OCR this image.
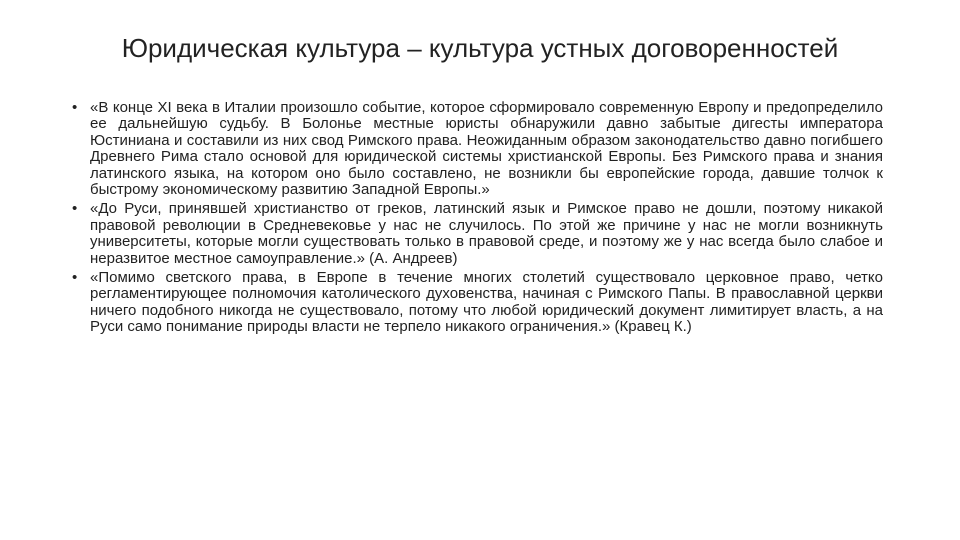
Юридическая культура – культура устных договоренностей
• «В конце XI века в Италии произошло событие, которое сформировало современную Европу и предопределило ее дальнейшую судьбу. В Болонье местные юристы обнаружили давно забытые дигесты императора Юстиниана и составили из них свод Римского права. Неожиданным образом законодательство давно погибшего Древнего Рима стало основой для юридической системы христианской Европы. Без Римского права и знания латинского языка, на котором оно было составлено, не возникли бы европейские города, давшие толчок к быстрому экономическому развитию Западной Европы.»
• «До Руси, принявшей христианство от греков, латинский язык и Римское право не дошли, поэтому никакой правовой революции в Средневековье у нас не случилось. По этой же причине у нас не могли возникнуть университеты, которые могли существовать только в правовой среде, и поэтому же у нас всегда было слабое и неразвитое местное самоуправление.» (А. Андреев)
• «Помимо светского права, в Европе в течение многих столетий существовало церковное право, четко регламентирующее полномочия католического духовенства, начиная с Римского Папы. В православной церкви ничего подобного никогда не существовало, потому что любой юридический документ лимитирует власть, а на Руси само понимание природы власти не терпело никакого ограничения.» (Кравец К.)
